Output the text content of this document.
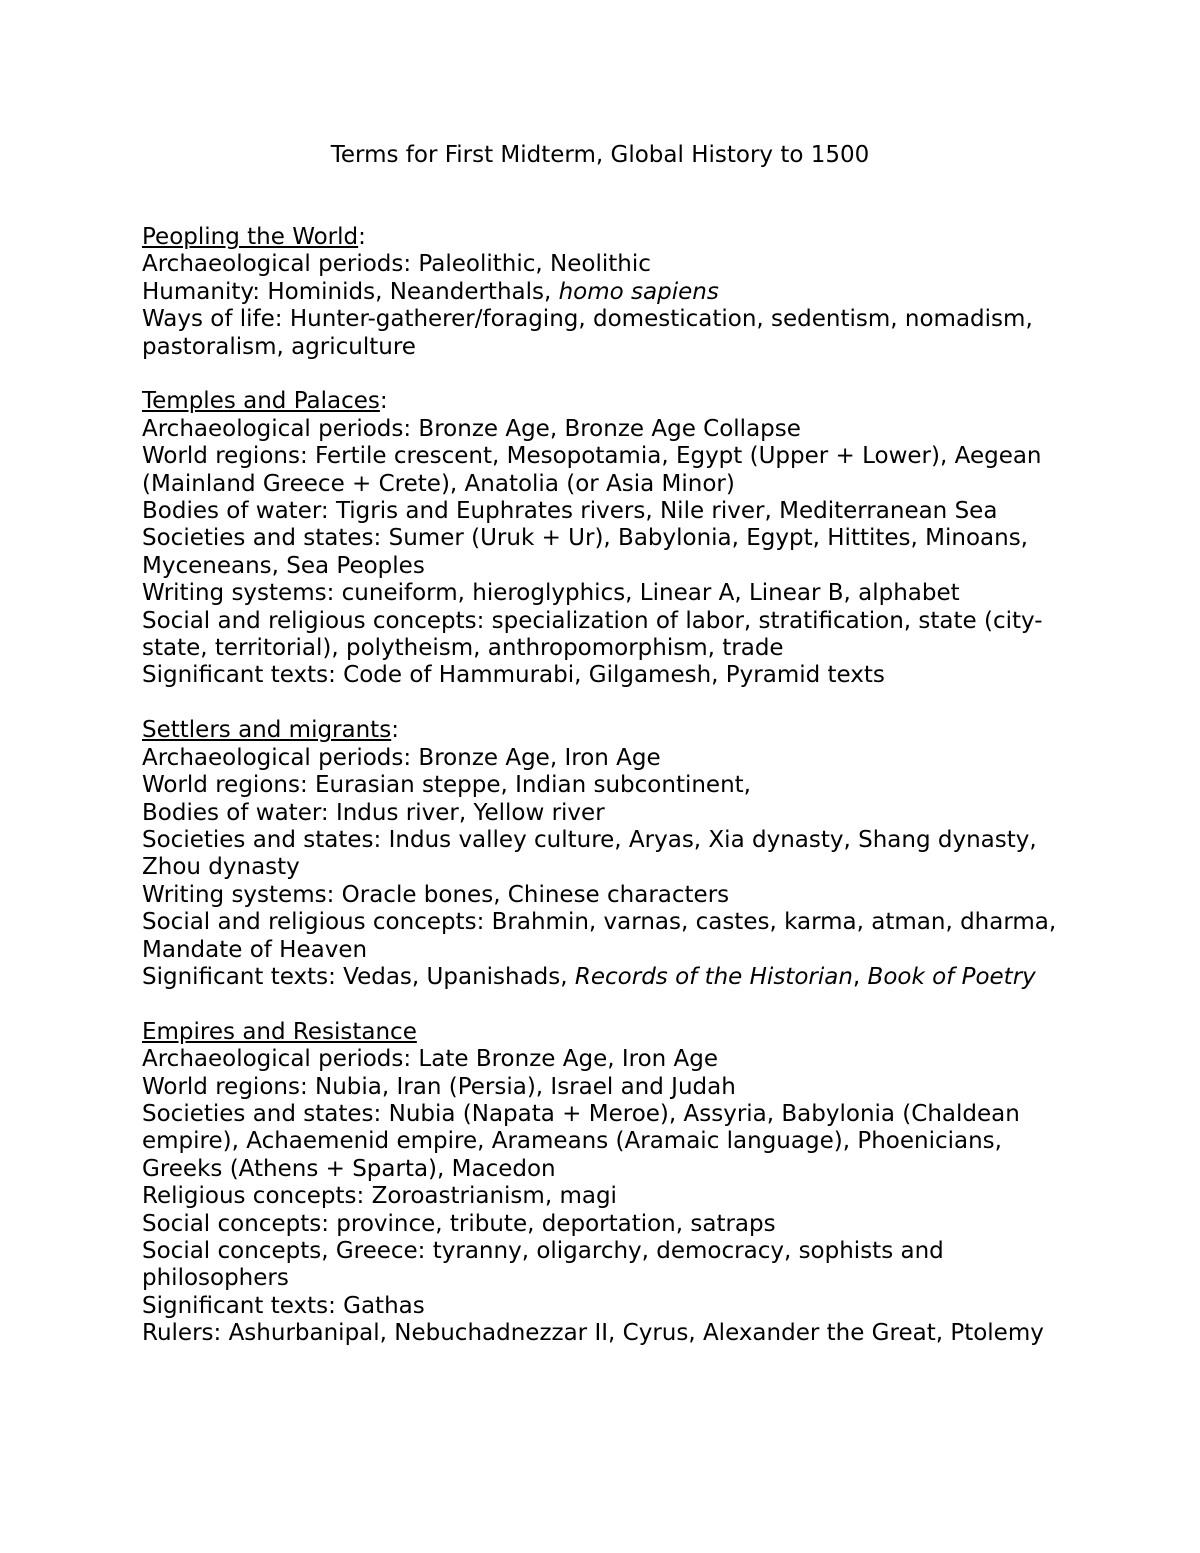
Terms for First Midterm, Global History to 1500

Peopling the World:

Archaeological periods: Paleolithic, Neolithic

Humanity: Hominids, Neanderthals, homo sapiens

Ways of life: Hunter-gatherer/foraging, domestication, sedentism, nomadism, pastoralism, agriculture

Temples and Palaces:

Archaeological periods: Bronze Age, Bronze Age Collapse

World regions: Fertile crescent, Mesopotamia, Egypt (Upper + Lower), Aegean (Mainland Greece + Crete), Anatolia (or Asia Minor)

Bodies of water: Tigris and Euphrates rivers, Nile river, Mediterranean Sea

Societies and states: Sumer (Uruk + Ur), Babylonia, Egypt, Hittites, Minoans, Myceneans, Sea Peoples

Writing systems: cuneiform, hieroglyphics, Linear A, Linear B, alphabet

Social and religious concepts: specialization of labor, stratification, state (city-state, territorial), polytheism, anthropomorphism, trade

Significant texts: Code of Hammurabi, Gilgamesh, Pyramid texts

Settlers and migrants:

Archaeological periods: Bronze Age, Iron Age

World regions: Eurasian steppe, Indian subcontinent,

Bodies of water: Indus river, Yellow river

Societies and states: Indus valley culture, Aryas, Xia dynasty, Shang dynasty, Zhou dynasty

Writing systems: Oracle bones, Chinese characters

Social and religious concepts: Brahmin, varnas, castes, karma, atman, dharma, Mandate of Heaven

Significant texts: Vedas, Upanishads, Records of the Historian, Book of Poetry

Empires and Resistance

Archaeological periods: Late Bronze Age, Iron Age

World regions: Nubia, Iran (Persia), Israel and Judah

Societies and states: Nubia (Napata + Meroe), Assyria, Babylonia (Chaldean empire), Achaemenid empire, Arameans (Aramaic language), Phoenicians, Greeks (Athens + Sparta), Macedon

Religious concepts: Zoroastrianism, magi

Social concepts: province, tribute, deportation, satraps

Social concepts, Greece: tyranny, oligarchy, democracy, sophists and philosophers

Significant texts: Gathas

Rulers: Ashurbanipal, Nebuchadnezzar II, Cyrus, Alexander the Great, Ptolemy
